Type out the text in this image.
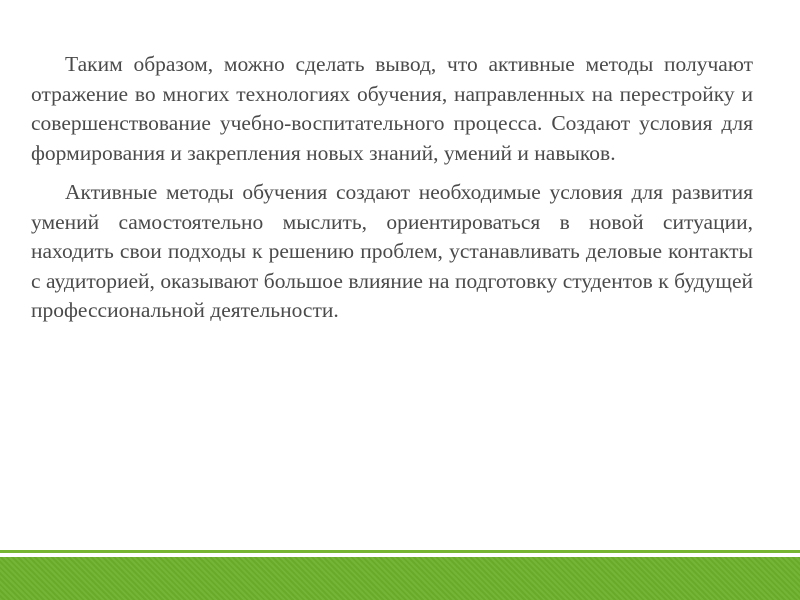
Таким образом, можно сделать вывод, что активные методы получают отражение во многих технологиях обучения, направленных на перестройку и совершенствование учебно-воспитательного процесса. Создают условия для формирования и закрепления новых знаний, умений и навыков.

Активные методы обучения создают необходимые условия для развития умений самостоятельно мыслить, ориентироваться в новой ситуации, находить свои подходы к решению проблем, устанавливать деловые контакты с аудиторией, оказывают большое влияние на подготовку студентов к будущей профессиональной деятельности.
